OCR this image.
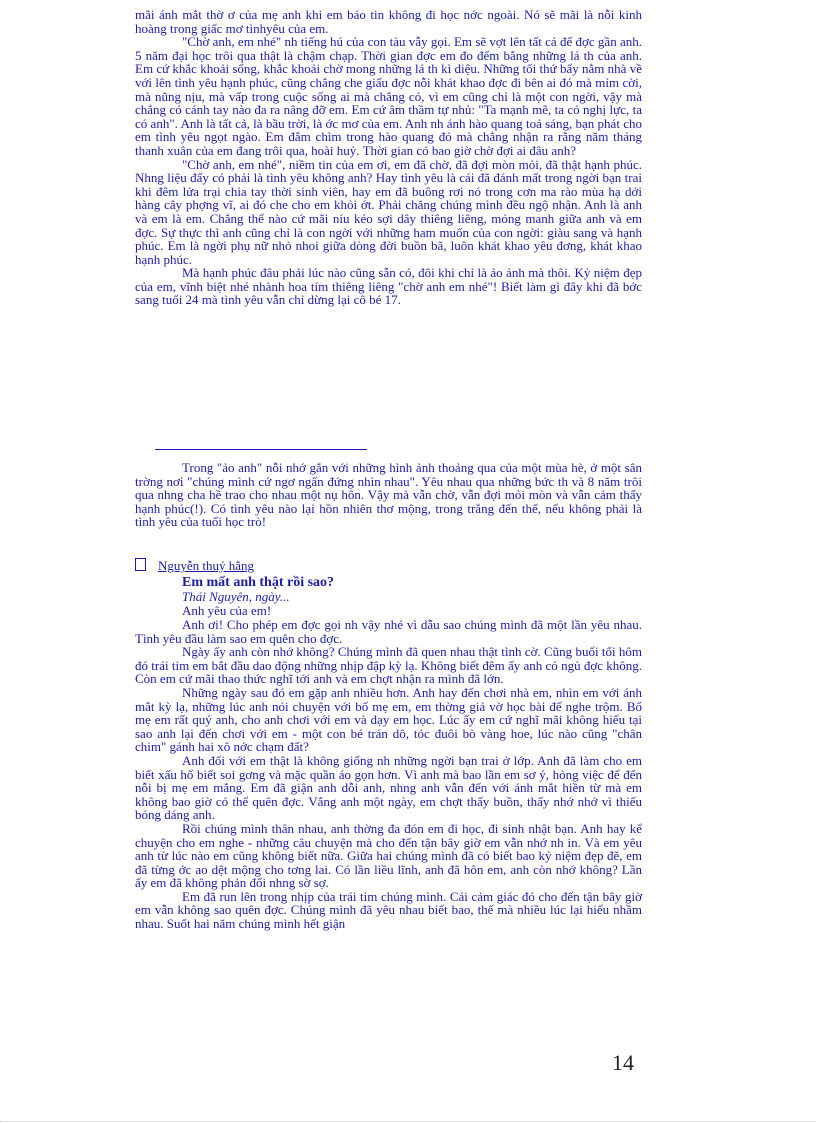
mãi ánh mắt thờ ơ của mẹ anh khi em báo tin không đi học nớc ngoài. Nó sẽ mãi là nỗi kinh hoàng trong giấc mơ tìnhyêu của em.

"Chờ anh, em nhé" nh tiếng hú của con tàu vẫy gọi. Em sẽ vợt lên tất cả để đợc gần anh. 5 năm đại học trôi qua thật là chậm chạp. Thời gian đợc em đo đếm bằng những lá th của anh. Em cứ khắc khoải sống, khắc khoải chờ mong những lá th kì diệu. Những tối thứ bẩy nằm nhà về với lên tình yêu hạnh phúc, cũng chẳng che giấu đợc nỗi khát khao đợc đi bên ai đó mà mỉm cời, mà nũng nịu, mà vấp trong cuộc sống ai mà chẳng có, vì em cũng chỉ là một con ngời, vậy mà chẳng có cánh tay nào đa ra nâng đỡ em. Em cứ âm thầm tự nhủ: "Ta mạnh mẽ, ta có nghị lực, ta có anh". Anh là tất cả, là bầu trời, là ớc mơ của em. Anh nh ánh hào quang toả sáng, bạn phát cho em tình yêu ngọt ngào. Em đắm chìm trong hào quang đó mà chẳng nhận ra rằng năm tháng thanh xuân của em đang trôi qua, hoài huỷ. Thời gian có bao giờ chờ đợi ai đâu anh?

"Chờ anh, em nhé", niềm tin của em ơi, em đã chờ, đã đợi mòn mỏi, đã thật hạnh phúc. Nhng liệu đấy có phải là tình yêu không anh? Hay tình yêu là cái đã đánh mất trong ngời bạn trai khi đêm lửa trại chia tay thời sinh viên, hay em đã buông rơi nó trong cơn ma rào mùa hạ dới hàng cây phợng vĩ, ai đó che cho em khỏi ớt. Phải chăng chúng mình đều ngộ nhận. Anh là anh và em là em. Chẳng thể nào cứ mãi níu kéo sợi dây thiêng liêng, mỏng manh giữa anh và em đợc. Sự thực thì anh cũng chỉ là con ngời với những ham muốn của con ngời: giàu sang và hạnh phúc. Em là ngời phụ nữ nhỏ nhoi giữa dòng đời buồn bã, luôn khát khao yêu đơng, khát khao hạnh phúc.

Mà hạnh phúc đâu phải lúc nào cũng sẵn có, đôi khi chỉ là ảo ảnh mà thôi. Kỷ niệm đẹp của em, vĩnh biệt nhé nhành hoa tím thiêng liêng "chờ anh em nhé"! Biết làm gì đây khi đã bớc sang tuổi 24 mà tình yêu vẫn chỉ dừng lại cô bé 17.

Trong "ảo anh" nỗi nhớ gắn với những hình ảnh thoảng qua của một mùa hè, ở một sân trờng nơi "chúng mình cứ ngơ ngẩn đứng nhìn nhau". Yêu nhau qua những bức th và 8 năm trôi qua nhng cha hề trao cho nhau một nụ hôn. Vậy mà vẫn chờ, vẫn đợi mỏi mòn và vẫn cảm thấy hạnh phúc(!). Có tình yêu nào lại hồn nhiên thơ mộng, trong trắng đến thế, nếu không phải là tình yêu của tuổi học trò!

Nguyễn thuý hằng

Em mất anh thật rồi sao?

Thái Nguyên, ngày...

Anh yêu của em!

Anh ơi! Cho phép em đợc gọi nh vậy nhé vì dẫu sao chúng mình đã một lần yêu nhau. Tình yêu đầu làm sao em quên cho đợc.

Ngày ấy anh còn nhớ không? Chúng mình đã quen nhau thật tình cờ. Cũng buổi tối hôm đó trái tim em bắt đầu dao động những nhịp đập kỳ lạ. Không biết đêm ấy anh có ngủ đợc không. Còn em cứ mãi thao thức nghĩ tới anh và em chợt nhận ra mình đã lớn.

Những ngày sau đó em gặp anh nhiều hơn. Anh hay đến chơi nhà em, nhìn em với ánh mắt kỳ lạ, những lúc anh nói chuyện với bố mẹ em, em thờng giả vờ học bài để nghe trộm. Bố mẹ em rất quý anh, cho anh chơi với em và dạy em học. Lúc ấy em cứ nghĩ mãi không hiểu tại sao anh lại đến chơi với em - một con bé trán dô, tóc đuôi bò vàng hoe, lúc nào cũng "chân chim" gánh hai xô nớc chạm đất?

Anh đối với em thật là không giống nh những ngời bạn trai ở lớp. Anh đã làm cho em biết xấu hổ biết soi gơng và mặc quần áo gọn hơn. Vì anh mà bao lần em sơ ý, hỏng việc để đến nỗi bị mẹ em mắng. Em đã giận anh dỗi anh, nhng anh vẫn đến với ánh mắt hiền từ mà em không bao giờ có thể quên đợc. Vắng anh một ngày, em chợt thấy buồn, thấy nhớ nhớ vì thiếu bóng dáng anh.

Rồi chúng mình thân nhau, anh thờng đa đón em đi học, đi sinh nhật bạn. Anh hay kể chuyện cho em nghe - những câu chuyện mà cho đến tận bây giờ em vẫn nhớ nh in. Và em yêu anh từ lúc nào em cũng không biết nữa. Giữa hai chúng mình đã có biết bao kỷ niệm đẹp đẽ, em đã từng ớc ao dệt mộng cho tơng lai. Có lần liều lĩnh, anh đã hôn em, anh còn nhớ không? Lần ấy em đã không phản đối nhng sờ sợ.

Em đã run lên trong nhịp của trái tim chúng mình. Cái cảm giác đó cho đến tận bây giờ em vẫn không sao quên đợc. Chúng mình đã yêu nhau biết bao, thế mà nhiều lúc lại hiểu nhầm nhau. Suốt hai năm chúng mình hết giận

14
